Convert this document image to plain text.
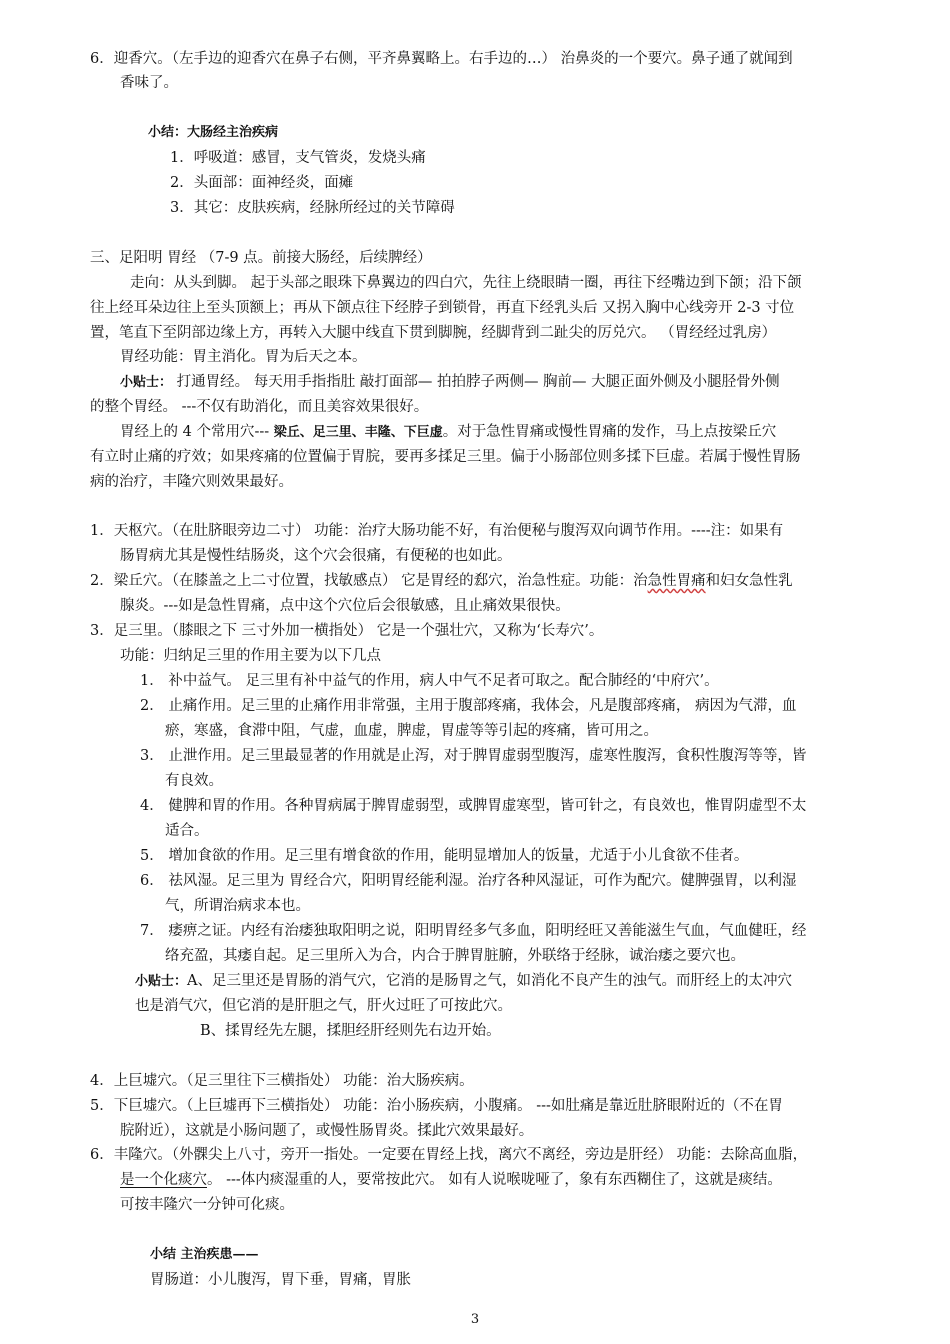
6．迎香穴。（左手边的迎香穴在鼻子右侧，平齐鼻翼略上。右手边的…） 治鼻炎的一个要穴。鼻子通了就闻到
香味了。
小结：大肠经主治疾病
1．呼吸道：感冒，支气管炎，发烧头痛
2．头面部：面神经炎，面瘫
3．其它：皮肤疾病，经脉所经过的关节障碍
三、足阳明 胃经 （7-9 点。前接大肠经，后续脾经）
走向：从头到脚。 起于头部之眼珠下鼻翼边的四白穴，先往上绕眼睛一圈，再往下经嘴边到下颌；沿下颌
往上经耳朵边往上至头顶额上；再从下颌点往下经脖子到锁骨，再直下经乳头后 又拐入胸中心线旁开 2-3 寸位
置，笔直下至阴部边缘上方，再转入大腿中线直下贯到脚腕，经脚背到二趾尖的厉兑穴。 （胃经经过乳房）
胃经功能：胃主消化。胃为后天之本。
小贴士： 打通胃经。 每天用手指指肚 敲打面部— 拍拍脖子两侧— 胸前— 大腿正面外侧及小腿胫骨外侧
的整个胃经。 ---不仅有助消化，而且美容效果很好。
胃经上的 4 个常用穴--- 梁丘、足三里、丰隆、下巨虚。对于急性胃痛或慢性胃痛的发作，马上点按梁丘穴
有立时止痛的疗效；如果疼痛的位置偏于胃脘，要再多揉足三里。偏于小肠部位则多揉下巨虚。若属于慢性胃肠
病的治疗，丰隆穴则效果最好。
1．天枢穴。（在肚脐眼旁边二寸） 功能：治疗大肠功能不好，有治便秘与腹泻双向调节作用。----注：如果有
肠胃病尤其是慢性结肠炎，这个穴会很痛，有便秘的也如此。
2．梁丘穴。（在膝盖之上二寸位置，找敏感点） 它是胃经的郄穴，治急性症。功能：治急性胃痛和妇女急性乳
腺炎。---如是急性胃痛，点中这个穴位后会很敏感，且止痛效果很快。
3．足三里。（膝眼之下 三寸外加一横指处） 它是一个强壮穴，又称为‘长寿穴’。
功能：归纳足三里的作用主要为以下几点
1． 补中益气。 足三里有补中益气的作用，病人中气不足者可取之。配合肺经的‘中府穴’。
2． 止痛作用。足三里的止痛作用非常强，主用于腹部疼痛，我体会，凡是腹部疼痛， 病因为气滞，血
瘀，寒盛，食滞中阻，气虚，血虚，脾虚，胃虚等等引起的疼痛，皆可用之。
3． 止泄作用。足三里最显著的作用就是止泻，对于脾胃虚弱型腹泻，虚寒性腹泻，食积性腹泻等等，皆
有良效。
4． 健脾和胃的作用。各种胃病属于脾胃虚弱型，或脾胃虚寒型，皆可针之，有良效也，惟胃阴虚型不太
适合。
5． 增加食欲的作用。足三里有增食欲的作用，能明显增加人的饭量，尤适于小儿食欲不佳者。
6． 祛风湿。足三里为 胃经合穴，阳明胃经能利湿。治疗各种风湿证，可作为配穴。健脾强胃，以利湿
气，所谓治病求本也。
7． 痿痹之证。内经有治痿独取阳明之说，阳明胃经多气多血，阳明经旺又善能滋生气血，气血健旺，经
络充盈，其痿自起。足三里所入为合，内合于脾胃脏腑，外联络于经脉，诚治痿之要穴也。
小贴士：A、足三里还是胃肠的消气穴，它消的是肠胃之气，如消化不良产生的浊气。而肝经上的太冲穴
也是消气穴，但它消的是肝胆之气，肝火过旺了可按此穴。
B、揉胃经先左腿，揉胆经肝经则先右边开始。
4．上巨墟穴。（足三里往下三横指处） 功能：治大肠疾病。
5．下巨墟穴。（上巨墟再下三横指处） 功能：治小肠疾病，小腹痛。 ---如肚痛是靠近肚脐眼附近的（不在胃
脘附近），这就是小肠问题了，或慢性肠胃炎。揉此穴效果最好。
6．丰隆穴。（外髁尖上八寸，旁开一指处。一定要在胃经上找，离穴不离经，旁边是肝经） 功能：去除高血脂，
是一个化痰穴。 ---体内痰湿重的人，要常按此穴。 如有人说喉咙哑了，象有东西糊住了，这就是痰结。
可按丰隆穴一分钟可化痰。
小结 主治疾患——
胃肠道：小儿腹泻，胃下垂，胃痛，胃胀
3
